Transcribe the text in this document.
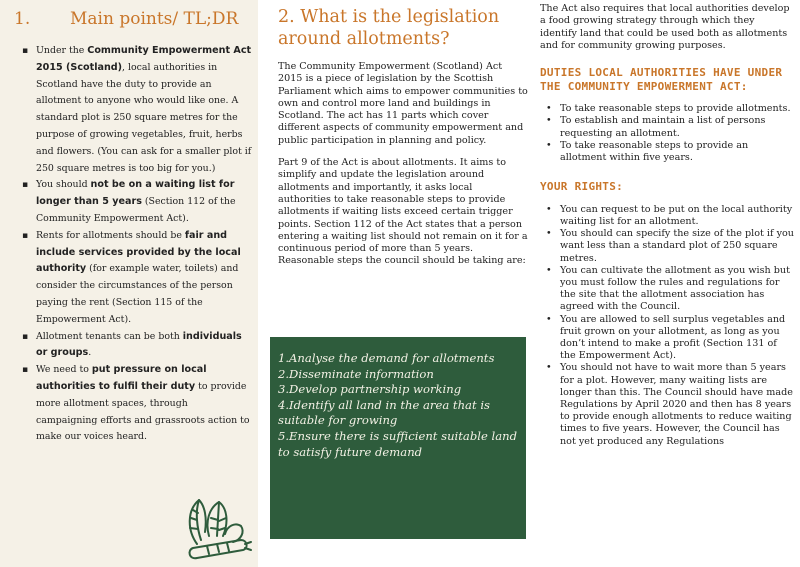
1. Main points/ TL;DR
▪ Under the Community Empowerment Act 2015 (Scotland), local authorities in Scotland have the duty to provide an allotment to anyone who would like one. A standard plot is 250 square metres for the purpose of growing vegetables, fruit, herbs and flowers. (You can ask for a smaller plot if 250 square metres is too big for you.)
▪ You should not be on a waiting list for longer than 5 years (Section 112 of the Community Empowerment Act).
▪ Rents for allotments should be fair and include services provided by the local authority (for example water, toilets) and consider the circumstances of the person paying the rent (Section 115 of the Empowerment Act).
▪ Allotment tenants can be both individuals or groups.
▪ We need to put pressure on local authorities to fulfil their duty to provide more allotment spaces, through campaigning efforts and grassroots action to make our voices heard.
2. What is the legislation around allotments?

The Community Empowerment (Scotland) Act 2015 is a piece of legislation by the Scottish Parliament which aims to empower communities to own and control more land and buildings in Scotland. The act has 11 parts which cover different aspects of community empowerment and public participation in planning and policy.

Part 9 of the Act is about allotments. It aims to simplify and update the legislation around allotments and importantly, it asks local authorities to take reasonable steps to provide allotments if waiting lists exceed certain trigger points. Section 112 of the Act states that a person entering a waiting list should not remain on it for a continuous period of more than 5 years. Reasonable steps the council should be taking are:

1.Analyse the demand for allotments
2.Disseminate information
3.Develop partnership working
4.Identify all land in the area that is suitable for growing
5.Ensure there is sufficient suitable land to satisfy future demand

The Act also requires that local authorities develop a food growing strategy through which they identify land that could be used both as allotments and for community growing purposes.

DUTIES LOCAL AUTHORITIES HAVE UNDER THE COMMUNITY EMPOWERMENT ACT:
• To take reasonable steps to provide allotments.
• To establish and maintain a list of persons requesting an allotment.
• To take reasonable steps to provide an allotment within five years.
YOUR RIGHTS:
• You can request to be put on the local authority waiting list for an allotment.
• You should can specify the size of the plot if you want less than a standard plot of 250 square metres.
• You can cultivate the allotment as you wish but you must follow the rules and regulations for the site that the allotment association has agreed with the Council.
• You are allowed to sell surplus vegetables and fruit grown on your allotment, as long as you don’t intend to make a profit (Section 131 of the Empowerment Act).
• You should not have to wait more than 5 years for a plot. However, many waiting lists are longer than this. The Council should have made Regulations by April 2020 and then has 8 years to provide enough allotments to reduce waiting times to five years. However, the Council has not yet produced any Regulations
